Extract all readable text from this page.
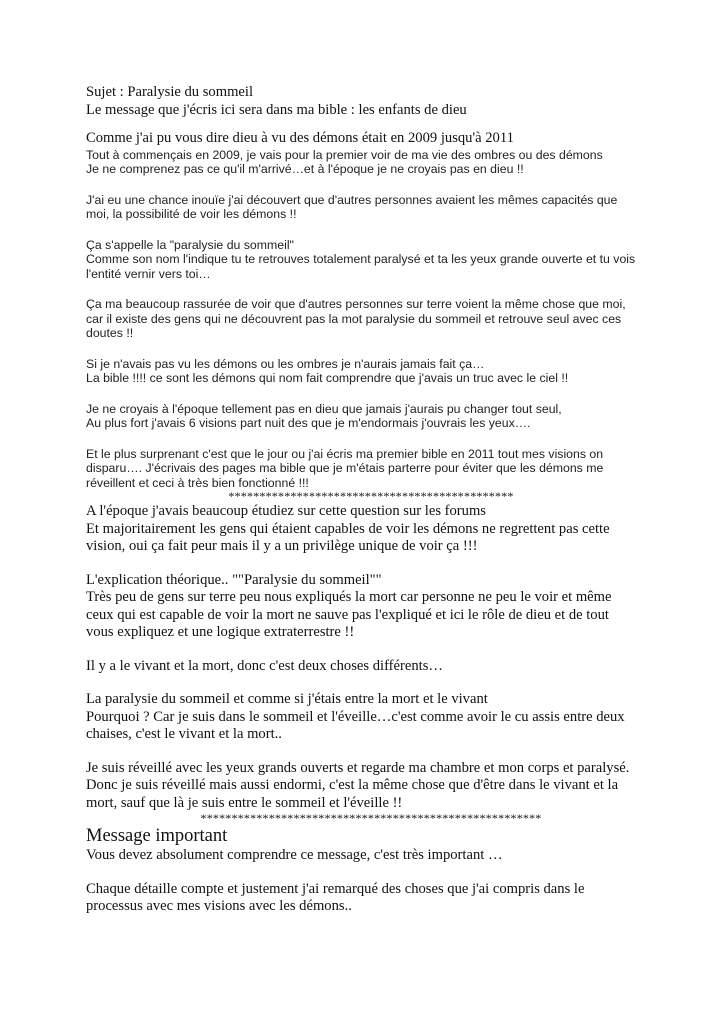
Sujet : Paralysie du sommeil

Le message que j'écris ici sera dans ma bible : les enfants de dieu

Comme j'ai pu vous dire dieu à vu des démons était en 2009 jusqu'à 2011

Tout à commençais en 2009, je vais pour la premier voir de ma vie des ombres ou des démons
Je ne comprenez pas ce qu'il m'arrivé…et à l'époque je ne croyais pas en dieu !!

J'ai eu une chance inouïe j'ai découvert que d'autres personnes avaient les mêmes capacités que
moi, la possibilité de voir les démons !!

Ça s'appelle la "paralysie du sommeil"
Comme son nom l'indique tu te retrouves totalement paralysé et ta les yeux grande ouverte et tu vois
l'entité vernir vers toi…

Ça ma beaucoup rassurée de voir que d'autres personnes sur terre voient la même chose que moi,
car il existe des gens qui ne découvrent pas la mot paralysie du sommeil et retrouve seul avec ces
doutes !!

Si je n'avais pas vu les démons ou les ombres je n'aurais jamais fait ça…
La bible !!!! ce sont les démons qui nom fait comprendre que j'avais un truc avec le ciel !!

Je ne croyais à l'époque tellement pas en dieu que jamais j'aurais pu changer tout seul,
Au plus fort j'avais 6 visions part nuit des que je m'endormais j'ouvrais les yeux….

Et le plus surprenant c'est que le jour ou j'ai écris ma premier bible en 2011 tout mes visions on
disparu…. J'écrivais des pages ma bible que je m'étais parterre pour éviter que les démons me
réveillent et ceci à très bien fonctionné !!!

**********************************************

A l'époque j'avais beaucoup étudiez sur cette question sur les forums
Et majoritairement les gens qui étaient capables de voir les démons ne regrettent pas cette
vision, oui ça fait peur mais il y a un privilège unique de voir ça !!!

L'explication théorique.. ""Paralysie du sommeil""
Très peu de gens sur terre peu nous expliqués la mort car personne ne peu le voir et même
ceux qui est capable de voir la mort ne sauve pas l'expliqué et ici le rôle de dieu et de tout
vous expliquez et une logique extraterrestre !!

Il y a le vivant et la mort, donc c'est deux choses différents…

La paralysie du sommeil et comme si j'étais entre la mort et le vivant
Pourquoi ? Car je suis dans le sommeil et l'éveille…c'est comme avoir le cu assis entre deux
chaises, c'est le vivant et la mort..

Je suis réveillé avec les yeux grands ouverts et regarde ma chambre et mon corps et paralysé.
Donc je suis réveillé mais aussi endormi, c'est la même chose que d'être dans le vivant et la
mort, sauf que là je suis entre le sommeil et l'éveille !!

*******************************************************

Message important

Vous devez absolument comprendre ce message, c'est très important …

Chaque détaille compte et justement j'ai remarqué des choses que j'ai compris dans le
processus avec mes visions avec les démons..
